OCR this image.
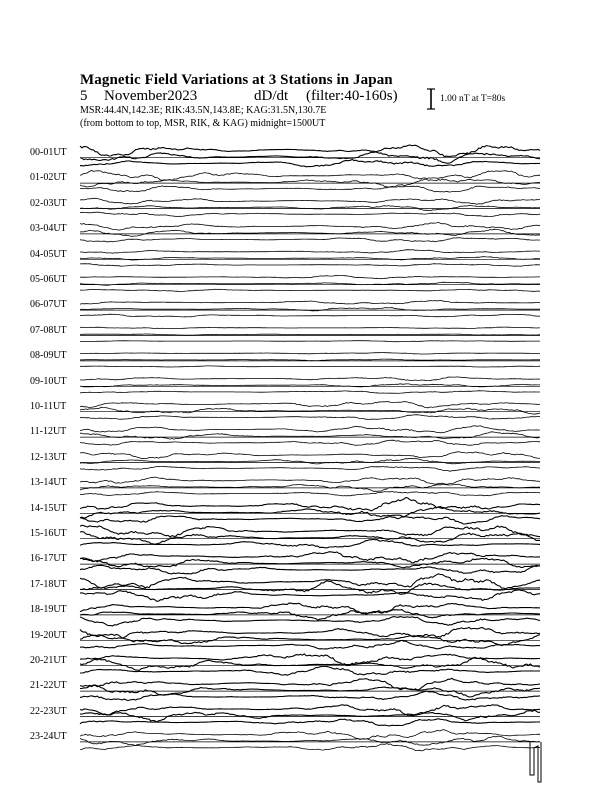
Magnetic Field Variations at 3 Stations in Japan
5 November2023	dD/dt (filter:40-160s)
MSR:44.4N,142.3E; RIK:43.5N,143.8E; KAG:31.5N,130.7E
(from bottom to top, MSR, RIK, & KAG) midnight=1500UT
1.00 nT at T=80s
00-01UT
01-02UT
02-03UT
03-04UT
04-05UT
05-06UT
06-07UT
07-08UT
08-09UT
09-10UT
10-11UT
11-12UT
12-13UT
13-14UT
14-15UT
15-16UT
16-17UT
17-18UT
18-19UT
19-20UT
20-21UT
21-22UT
22-23UT
23-24UT
